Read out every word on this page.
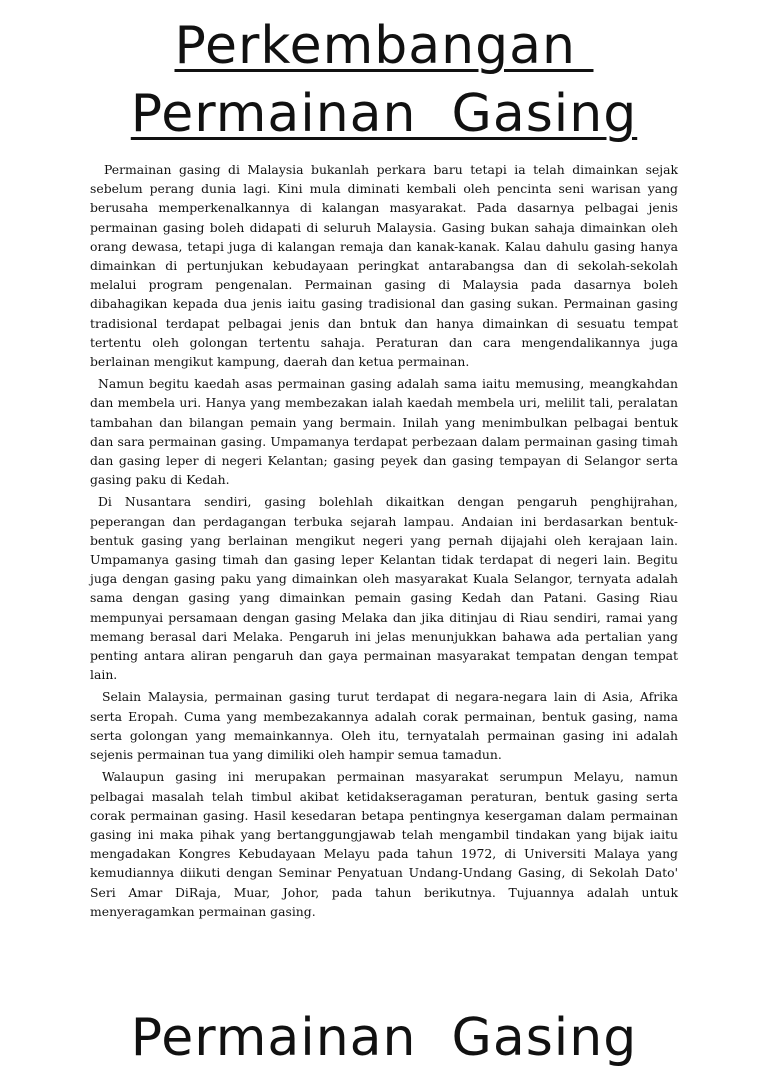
Perkembangan
Permainan  Gasing

Permainan gasing di Malaysia bukanlah perkara baru tetapi ia telah dimainkan sejak sebelum perang dunia lagi. Kini mula diminati kembali oleh pencinta seni warisan yang berusaha memperkenalkannya di kalangan masyarakat. Pada dasarnya pelbagai jenis permainan gasing boleh didapati di seluruh Malaysia. Gasing bukan sahaja dimainkan oleh orang dewasa, tetapi juga di kalangan remaja dan kanak-kanak. Kalau dahulu gasing hanya dimainkan di pertunjukan kebudayaan peringkat antarabangsa dan di sekolah-sekolah melalui program pengenalan. Permainan gasing di Malaysia pada dasarnya boleh dibahagikan kepada dua jenis iaitu gasing tradisional dan gasing sukan. Permainan gasing tradisional terdapat pelbagai jenis dan bntuk dan hanya dimainkan di sesuatu tempat tertentu oleh golongan tertentu sahaja. Peraturan dan cara mengendalikannya juga berlainan mengikut kampung, daerah dan ketua permainan.

Namun begitu kaedah asas permainan gasing adalah sama iaitu memusing, meangkahdan dan membela uri. Hanya yang membezakan ialah kaedah membela uri, melilit tali, peralatan tambahan dan bilangan pemain yang bermain. Inilah yang menimbulkan pelbagai bentuk dan sara permainan gasing. Umpamanya terdapat perbezaan dalam permainan gasing timah dan gasing leper di negeri Kelantan; gasing peyek dan gasing tempayan di Selangor serta gasing paku di Kedah.

Di Nusantara sendiri, gasing bolehlah dikaitkan dengan pengaruh penghijrahan, peperangan dan perdagangan terbuka sejarah lampau. Andaian ini berdasarkan bentuk-bentuk gasing yang berlainan mengikut negeri yang pernah dijajahi oleh kerajaan lain. Umpamanya gasing timah dan gasing leper Kelantan tidak terdapat di negeri lain. Begitu juga dengan gasing paku yang dimainkan oleh masyarakat Kuala Selangor, ternyata adalah sama dengan gasing yang dimainkan pemain gasing Kedah dan Patani. Gasing Riau mempunyai persamaan dengan gasing Melaka dan jika ditinjau di Riau sendiri, ramai yang memang berasal dari Melaka. Pengaruh ini jelas menunjukkan bahawa ada pertalian yang penting antara aliran pengaruh dan gaya permainan masyarakat tempatan dengan tempat lain.

Selain Malaysia, permainan gasing turut terdapat di negara-negara lain di Asia, Afrika serta Eropah. Cuma yang membezakannya adalah corak permainan, bentuk gasing, nama serta golongan yang memainkannya. Oleh itu, ternyatalah permainan gasing ini adalah sejenis permainan tua yang dimiliki oleh hampir semua tamadun.

Walaupun gasing ini merupakan permainan masyarakat serumpun Melayu, namun pelbagai masalah telah timbul akibat ketidakseragaman peraturan, bentuk gasing serta corak permainan gasing. Hasil kesedaran betapa pentingnya kesergaman dalam permainan gasing ini maka pihak yang bertanggungjawab telah mengambil tindakan yang bijak iaitu mengadakan Kongres Kebudayaan Melayu pada tahun 1972, di Universiti Malaya yang kemudiannya diikuti dengan Seminar Penyatuan Undang-Undang Gasing, di Sekolah Dato' Seri Amar DiRaja, Muar, Johor, pada tahun berikutnya. Tujuannya adalah untuk menyeragamkan permainan gasing.

Permainan  Gasing
